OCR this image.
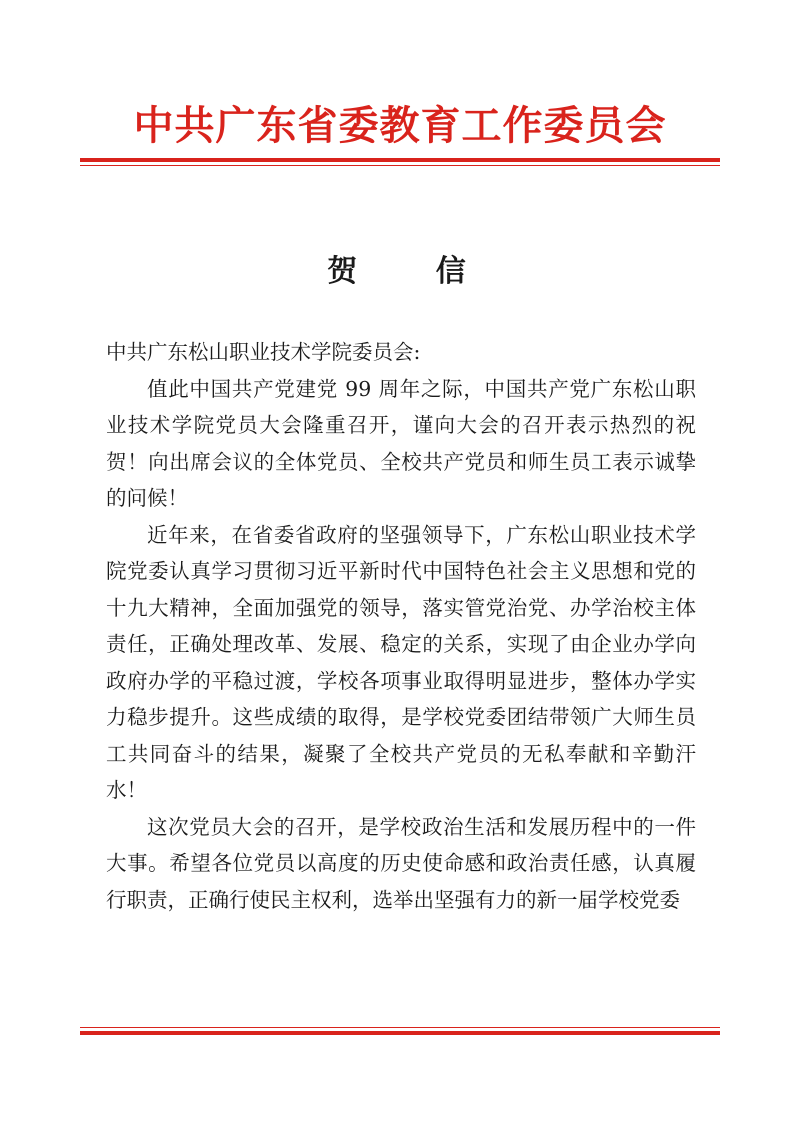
中共广东省委教育工作委员会
贺 信

中共广东松山职业技术学院委员会:

值此中国共产党建党 99 周年之际，中国共产党广东松山职业技术学院党员大会隆重召开，谨向大会的召开表示热烈的祝贺！向出席会议的全体党员、全校共产党员和师生员工表示诚挚的问候！

近年来，在省委省政府的坚强领导下，广东松山职业技术学院党委认真学习贯彻习近平新时代中国特色社会主义思想和党的十九大精神，全面加强党的领导，落实管党治党、办学治校主体责任，正确处理改革、发展、稳定的关系，实现了由企业办学向政府办学的平稳过渡，学校各项事业取得明显进步，整体办学实力稳步提升。这些成绩的取得，是学校党委团结带领广大师生员工共同奋斗的结果，凝聚了全校共产党员的无私奉献和辛勤汗水！

这次党员大会的召开，是学校政治生活和发展历程中的一件大事。希望各位党员以高度的历史使命感和政治责任感，认真履行职责，正确行使民主权利，选举出坚强有力的新一届学校党委
